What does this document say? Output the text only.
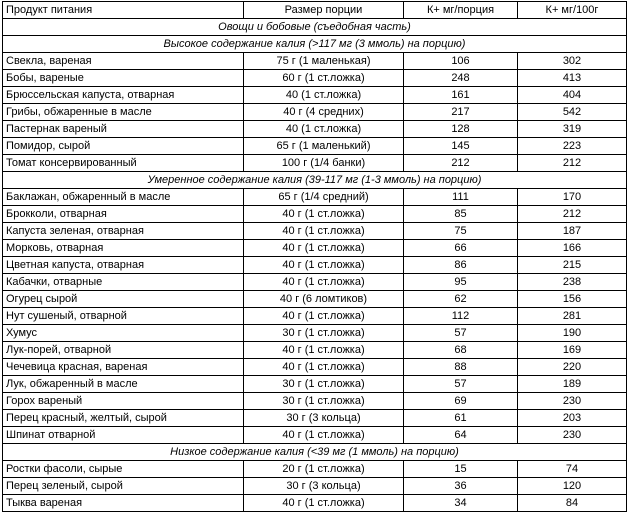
Продукт питания	Размер порции	К+ мг/порция	К+ мг/100г
Овощи и бобовые (съедобная часть)			
Высокое содержание калия (>117 мг (3 ммоль) на порцию)			
Свекла, вареная	75 г (1 маленькая)	106	302
Бобы, вареные	60 г (1 ст.ложка)	248	413
Брюссельская капуста, отварная	40 (1 ст.ложка)	161	404
Грибы, обжаренные в масле	40 г (4 средних)	217	542
Пастернак вареный	40 (1 ст.ложка)	128	319
Помидор, сырой	65 г (1 маленький)	145	223
Томат консервированный	100 г (1/4 банки)	212	212
Умеренное содержание калия (39-117 мг (1-3 ммоль) на порцию)			
Баклажан, обжаренный в масле	65 г (1/4 средний)	111	170
Брокколи, отварная	40 г (1 ст.ложка)	85	212
Капуста зеленая, отварная	40 г (1 ст.ложка)	75	187
Морковь, отварная	40 г (1 ст.ложка)	66	166
Цветная капуста, отварная	40 г (1 ст.ложка)	86	215
Кабачки, отварные	40 г (1 ст.ложка)	95	238
Огурец сырой	40 г (6 ломтиков)	62	156
Нут сушеный, отварной	40 г (1 ст.ложка)	112	281
Хумус	30 г (1 ст.ложка)	57	190
Лук-порей, отварной	40 г (1 ст.ложка)	68	169
Чечевица красная, вареная	40 г (1 ст.ложка)	88	220
Лук, обжаренный в масле	30 г (1 ст.ложка)	57	189
Горох вареный	30 г (1 ст.ложка)	69	230
Перец красный, желтый, сырой	30 г (3 кольца)	61	203
Шпинат отварной	40 г (1 ст.ложка)	64	230
Низкое содержание калия (<39 мг (1 ммоль) на порцию)			
Ростки фасоли, сырые	20 г (1 ст.ложка)	15	74
Перец зеленый, сырой	30 г (3 кольца)	36	120
Тыква вареная	40 г (1 ст.ложка)	34	84
